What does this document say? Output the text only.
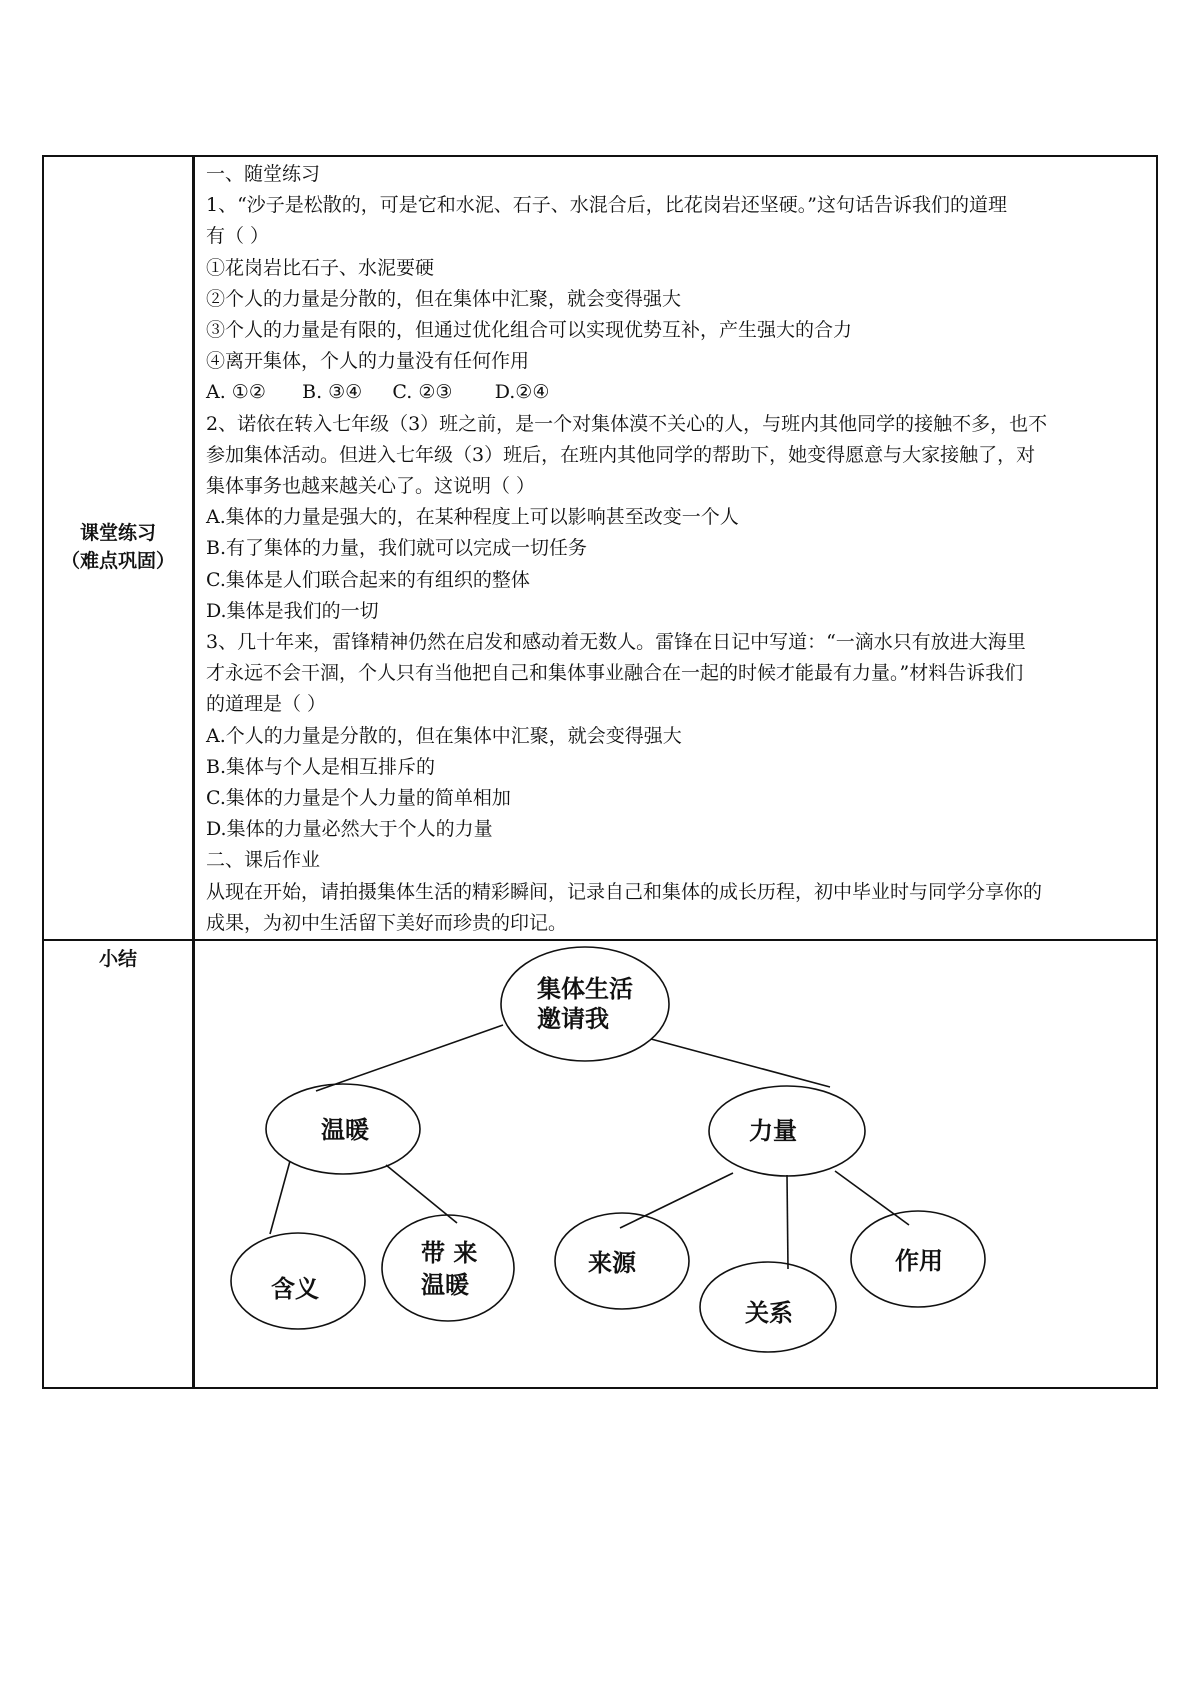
课堂练习
（难点巩固）

一、随堂练习

1、“沙子是松散的，可是它和水泥、石子、水混合后，比花岗岩还坚硬。”这句话告诉我们的道理

有（ ）

①花岗岩比石子、水泥要硬

②个人的力量是分散的，但在集体中汇聚，就会变得强大

③个人的力量是有限的，但通过优化组合可以实现优势互补，产生强大的合力

④离开集体，个人的力量没有任何作用

A. ①②      B. ③④     C. ②③       D.②④

2、诺依在转入七年级（3）班之前，是一个对集体漠不关心的人，与班内其他同学的接触不多，也不

参加集体活动。但进入七年级（3）班后，在班内其他同学的帮助下，她变得愿意与大家接触了，对

集体事务也越来越关心了。这说明（ ）

A.集体的力量是强大的，在某种程度上可以影响甚至改变一个人

B.有了集体的力量，我们就可以完成一切任务

C.集体是人们联合起来的有组织的整体

D.集体是我们的一切

3、几十年来，雷锋精神仍然在启发和感动着无数人。雷锋在日记中写道：“一滴水只有放进大海里

才永远不会干涸，个人只有当他把自己和集体事业融合在一起的时候才能最有力量。”材料告诉我们

的道理是（ ）

A.个人的力量是分散的，但在集体中汇聚，就会变得强大

B.集体与个人是相互排斥的

C.集体的力量是个人力量的简单相加

D.集体的力量必然大于个人的力量

二、课后作业

从现在开始，请拍摄集体生活的精彩瞬间，记录自己和集体的成长历程，初中毕业时与同学分享你的

成果，为初中生活留下美好而珍贵的印记。

小结
集体生活
邀请我
温暖	力量
含义
带 来
温暖
来源
关系
作用
